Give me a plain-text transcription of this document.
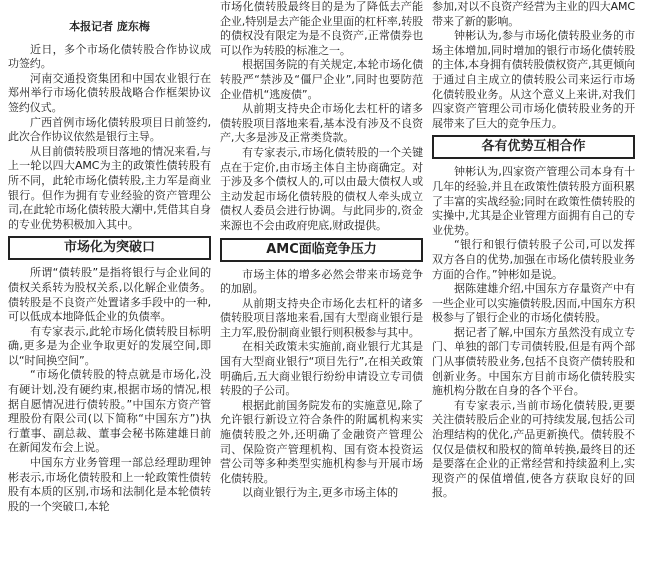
本报记者 庞东梅
近日，多个市场化债转股合作协议成功签约。
河南交通投资集团和中国农业银行在郑州举行市场化债转股战略合作框架协议签约仪式。
广西首例市场化债转股项目日前签约,此次合作协议依然是银行主导。
从目前债转股项目落地的情况来看,与上一轮以四大AMC为主的政策性债转股有所不同，此轮市场化债转股,主力军是商业银行。但作为拥有专业经验的资产管理公司,在此轮市场化债转股大潮中,凭借其自身的专业优势积极加入其中。
市场化为突破口
所谓“债转股”是指将银行与企业间的债权关系转为股权关系,以化解企业债务。债转股是不良资产处置诸多手段中的一种,可以低成本地降低企业的负债率。
有专家表示,此轮市场化债转股目标明确,更多是为企业争取更好的发展空间,即以“时间换空间”。
“市场化债转股的特点就是市场化,没有硬计划,没有硬约束,根据市场的情况,根据自愿情况进行债转股。”中国东方资产管理股份有限公司(以下简称“中国东方”)执行董事、副总裁、董事会秘书陈建雄日前在新闻发布会上说。
中国东方业务管理一部总经理助理钟彬表示,市场化债转股和上一轮政策性债转股有本质的区别,市场和法制化是本轮债转股的一个突破口,本轮
市场化债转股最终目的是为了降低去产能企业,特别是去产能企业里面的杠杆率,转股的债权没有限定为是不良资产,正常债券也可以作为转股的标准之一。
根据国务院的有关规定,本轮市场化债转股严“禁涉及“僵尸企业”,同时也要防范企业借机“逃废债”。
从前期支持央企市场化去杠杆的诸多债转股项目落地来看,基本没有涉及不良资产,大多是涉及正常类贷款。
有专家表示,市场化债转股的一个关键点在于定价,由市场主体自主协商确定。对于涉及多个债权人的,可以由最大债权人或主动发起市场化债转股的债权人牵头成立债权人委员会进行协调。与此同步的,资金来源也不会由政府兜底,财政提供。
AMC面临竞争压力
市场主体的增多必然会带来市场竞争的加剧。
从前期支持央企市场化去杠杆的诸多债转股项目落地来看,国有大型商业银行是主力军,股份制商业银行则积极参与其中。
在相关政策未实施前,商业银行尤其是国有大型商业银行“项目先行”,在相关政策明确后,五大商业银行纷纷申请设立专司债转股的子公司。
根据此前国务院发布的实施意见,除了允许银行新设立符合条件的附属机构来实施债转股之外,还明确了金融资产管理公司、保险资产管理机构、国有资本投资运营公司等多种类型实施机构参与开展市场化债转股。
以商业银行为主,更多市场主体的
参加,对以不良资产经营为主业的四大AMC带来了新的影响。
钟彬认为,参与市场化债转股业务的市场主体增加,同时增加的银行市场化债转股的主体,本身拥有债转股债权资产,其更倾向于通过自主成立的债转股公司来运行市场化债转股业务。从这个意义上来讲,对我们四家资产管理公司市场化债转股业务的开展带来了巨大的竞争压力。
各有优势互相合作
钟彬认为,四家资产管理公司本身有十几年的经验,并且在政策性债转股方面积累了丰富的实战经验;同时在政策性债转股的实操中,尤其是企业管理方面拥有自己的专业优势。
“银行和银行债转股子公司,可以发挥双方各自的优势,加强在市场化债转股业务方面的合作。”钟彬如是说。
据陈建雄介绍,中国东方存量资产中有一些企业可以实施债转股,因而,中国东方积极参与了银行企业的市场化债转股。
据记者了解,中国东方虽然没有成立专门、单独的部门专司债转股,但是有两个部门从事债转股业务,包括不良资产债转股和创新业务。中国东方目前市场化债转股实施机构分散在自身的各个平台。
有专家表示,当前市场化债转股,更要关注债转股后企业的可持续发展,包括公司治理结构的优化,产品更新换代。债转股不仅仅是债权和股权的简单转换,最终目的还是要落在企业的正常经营和持续盈利上,实现资产的保值增值,使各方获取良好的回报。
